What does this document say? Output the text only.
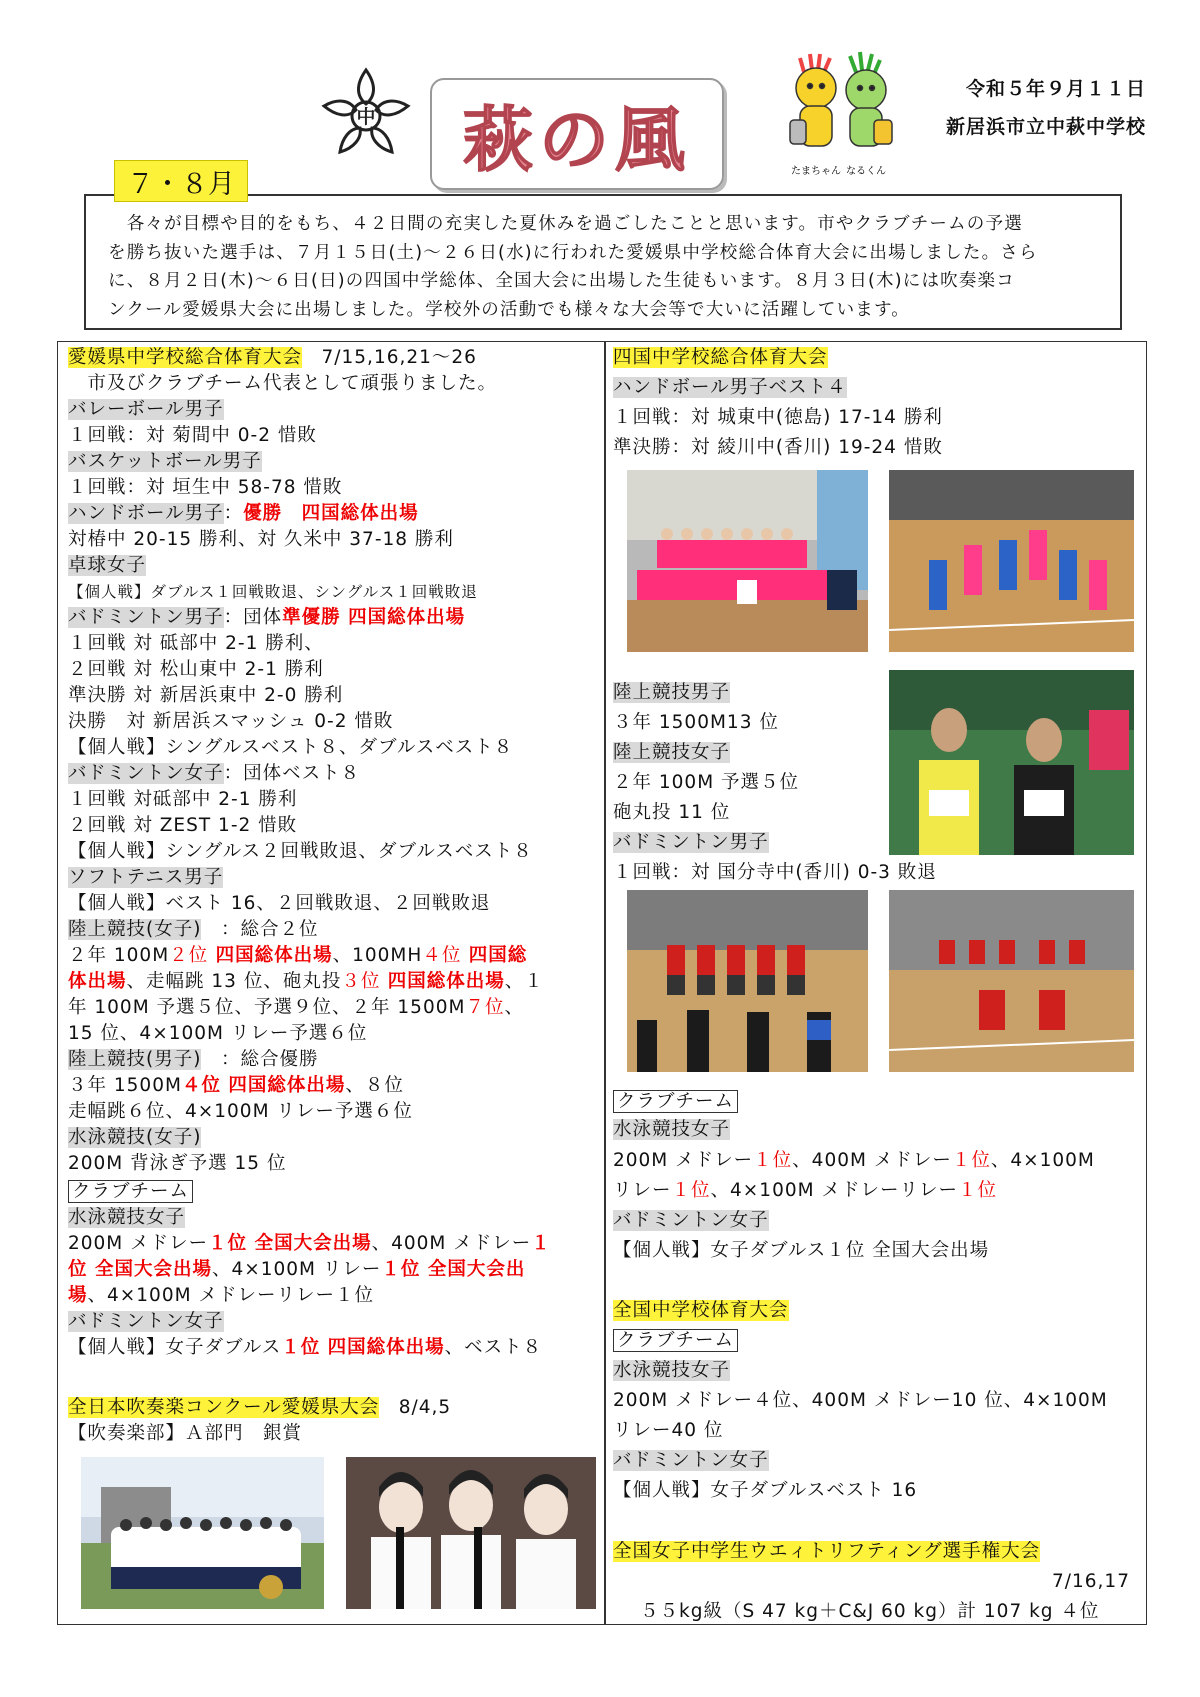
中	萩の風	たまちゃん なるくん
令和５年９月１１日
新居浜市立中萩中学校
　各々が目標や目的をもち、４２日間の充実した夏休みを過ごしたことと思います。市やクラブチームの予選
を勝ち抜いた選手は、７月１５日(土)～２６日(水)に行われた愛媛県中学校総合体育大会に出場しました。さら
に、８月２日(木)～６日(日)の四国中学総体、全国大会に出場した生徒もいます。８月３日(木)には吹奏楽コ
ンクール愛媛県大会に出場しました。学校外の活動でも様々な大会等で大いに活躍しています。
７・８月
愛媛県中学校総合体育大会　7/15,16,21～26
　市及びクラブチーム代表として頑張りました。
バレーボール男子
１回戦：対 菊間中 0-2 惜敗
バスケットボール男子
１回戦：対 垣生中 58-78 惜敗
ハンドボール男子：優勝　四国総体出場
対椿中 20-15 勝利、対 久米中 37-18 勝利
卓球女子
【個人戦】ダブルス１回戦敗退、シングルス１回戦敗退
バドミントン男子：団体準優勝 四国総体出場
１回戦 対 砥部中 2-1 勝利、
２回戦 対 松山東中 2-1 勝利
準決勝 対 新居浜東中 2-0 勝利
決勝　対 新居浜スマッシュ 0-2 惜敗
【個人戦】シングルスベスト８、ダブルスベスト８
バドミントン女子：団体ベスト８
１回戦 対砥部中 2-1 勝利
２回戦 対 ZEST 1-2 惜敗
【個人戦】シングルス２回戦敗退、ダブルスベスト８
ソフトテニス男子
【個人戦】ベスト 16、２回戦敗退、２回戦敗退
陸上競技(女子)　：総合２位
２年 100M２位 四国総体出場、100MH４位 四国総
体出場、走幅跳 13 位、砲丸投３位 四国総体出場、１
年 100M 予選５位、予選９位、２年 1500M７位、
15 位、4×100M リレー予選６位
陸上競技(男子)　：総合優勝
３年 1500M４位 四国総体出場、８位
走幅跳６位、4×100M リレー予選６位
水泳競技(女子)
200M 背泳ぎ予選 15 位
クラブチーム
水泳競技女子
200M メドレー１位 全国大会出場、400M メドレー１
位 全国大会出場、4×100M リレー１位 全国大会出
場、4×100M メドレーリレー１位
バドミントン女子
【個人戦】女子ダブルス１位 四国総体出場、ベスト８
全日本吹奏楽コンクール愛媛県大会　8/4,5
【吹奏楽部】Ａ部門　銀賞
四国中学校総合体育大会
ハンドボール男子ベスト４
１回戦：対 城東中(徳島) 17-14 勝利
準決勝：対 綾川中(香川) 19-24 惜敗
陸上競技男子
３年 1500M13 位
陸上競技女子
２年 100M 予選５位
砲丸投 11 位
バドミントン男子
１回戦：対 国分寺中(香川) 0-3 敗退
クラブチーム
水泳競技女子
200M メドレー１位、400M メドレー１位、4×100M
リレー１位、4×100M メドレーリレー１位
バドミントン女子
【個人戦】女子ダブルス１位 全国大会出場
全国中学校体育大会
クラブチーム
水泳競技女子
200M メドレー４位、400M メドレー10 位、4×100M
リレー40 位
バドミントン女子
【個人戦】女子ダブルスベスト 16
全国女子中学生ウエィトリフティング選手権大会
7/16,17
５５kg級（S 47 kg＋C&J 60 kg）計 107 kg ４位
